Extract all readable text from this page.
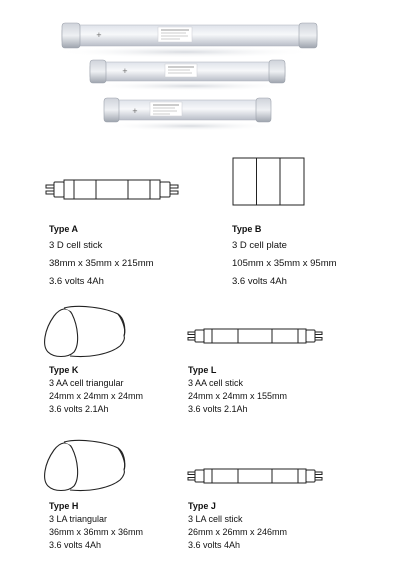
+
+
+
Type A
3 D cell stick
38mm x 35mm x 215mm
3.6 volts 4Ah
Type B
3 D cell plate
105mm x 35mm x 95mm
3.6 volts 4Ah
Type K
3 AA cell triangular
24mm x 24mm x 24mm
3.6 volts 2.1Ah
Type L
3 AA cell stick
24mm x 24mm x 155mm
3.6 volts 2.1Ah
Type H
3 LA triangular
36mm x 36mm x 36mm
3.6 volts 4Ah
Type J
3 LA cell stick
26mm x 26mm x 246mm
3.6 volts 4Ah
